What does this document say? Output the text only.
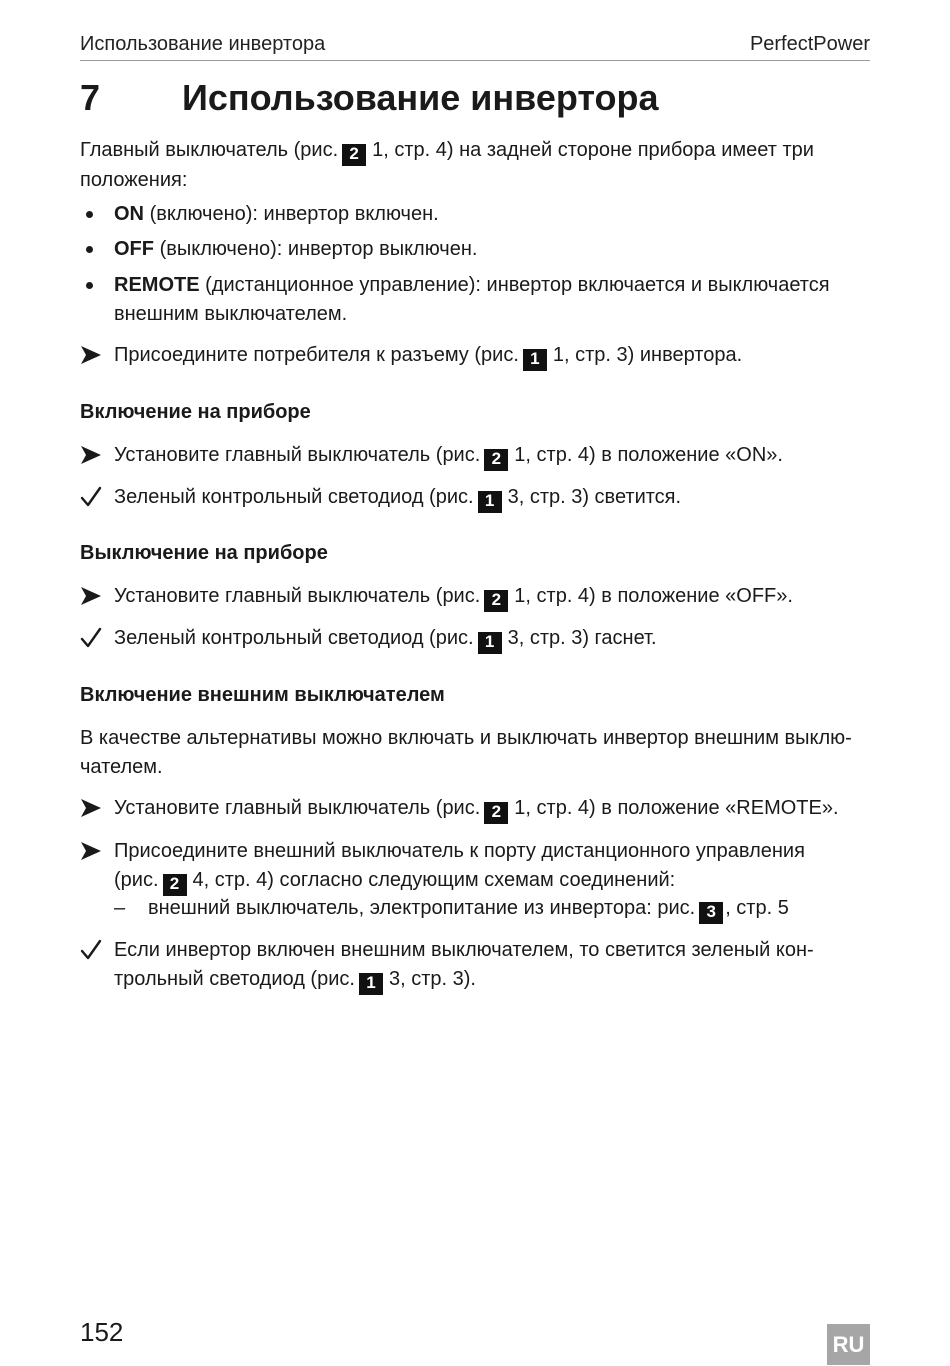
Использование инвертора	PerfectPower
7 Использование инвертора
Главный выключатель (рис. 2 1, стр. 4) на задней стороне прибора имеет три
положения:
ON (включено): инвертор включен.
OFF (выключено): инвертор выключен.
REMOTE (дистанционное управление): инвертор включается и выключается
внешним выключателем.
Присоедините потребителя к разъему (рис. 1 1, стр. 3) инвертора.
Включение на приборе
Установите главный выключатель (рис. 2 1, стр. 4) в положение «ON».
Зеленый контрольный светодиод (рис. 1 3, стр. 3) светится.
Выключение на приборе
Установите главный выключатель (рис. 2 1, стр. 4) в положение «OFF».
Зеленый контрольный светодиод (рис. 1 3, стр. 3) гаснет.
Включение внешним выключателем
В качестве альтернативы можно включать и выключать инвертор внешним выклю-
чателем.
Установите главный выключатель (рис. 2 1, стр. 4) в положение «REMOTE».
Присоедините внешний выключатель к порту дистанционного управления
(рис. 2 4, стр. 4) согласно следующим схемам соединений:
– внешний выключатель, электропитание из инвертора: рис. 3 , стр. 5
Если инвертор включен внешним выключателем, то светится зеленый кон-
трольный светодиод (рис. 1 3, стр. 3).
152	RU
